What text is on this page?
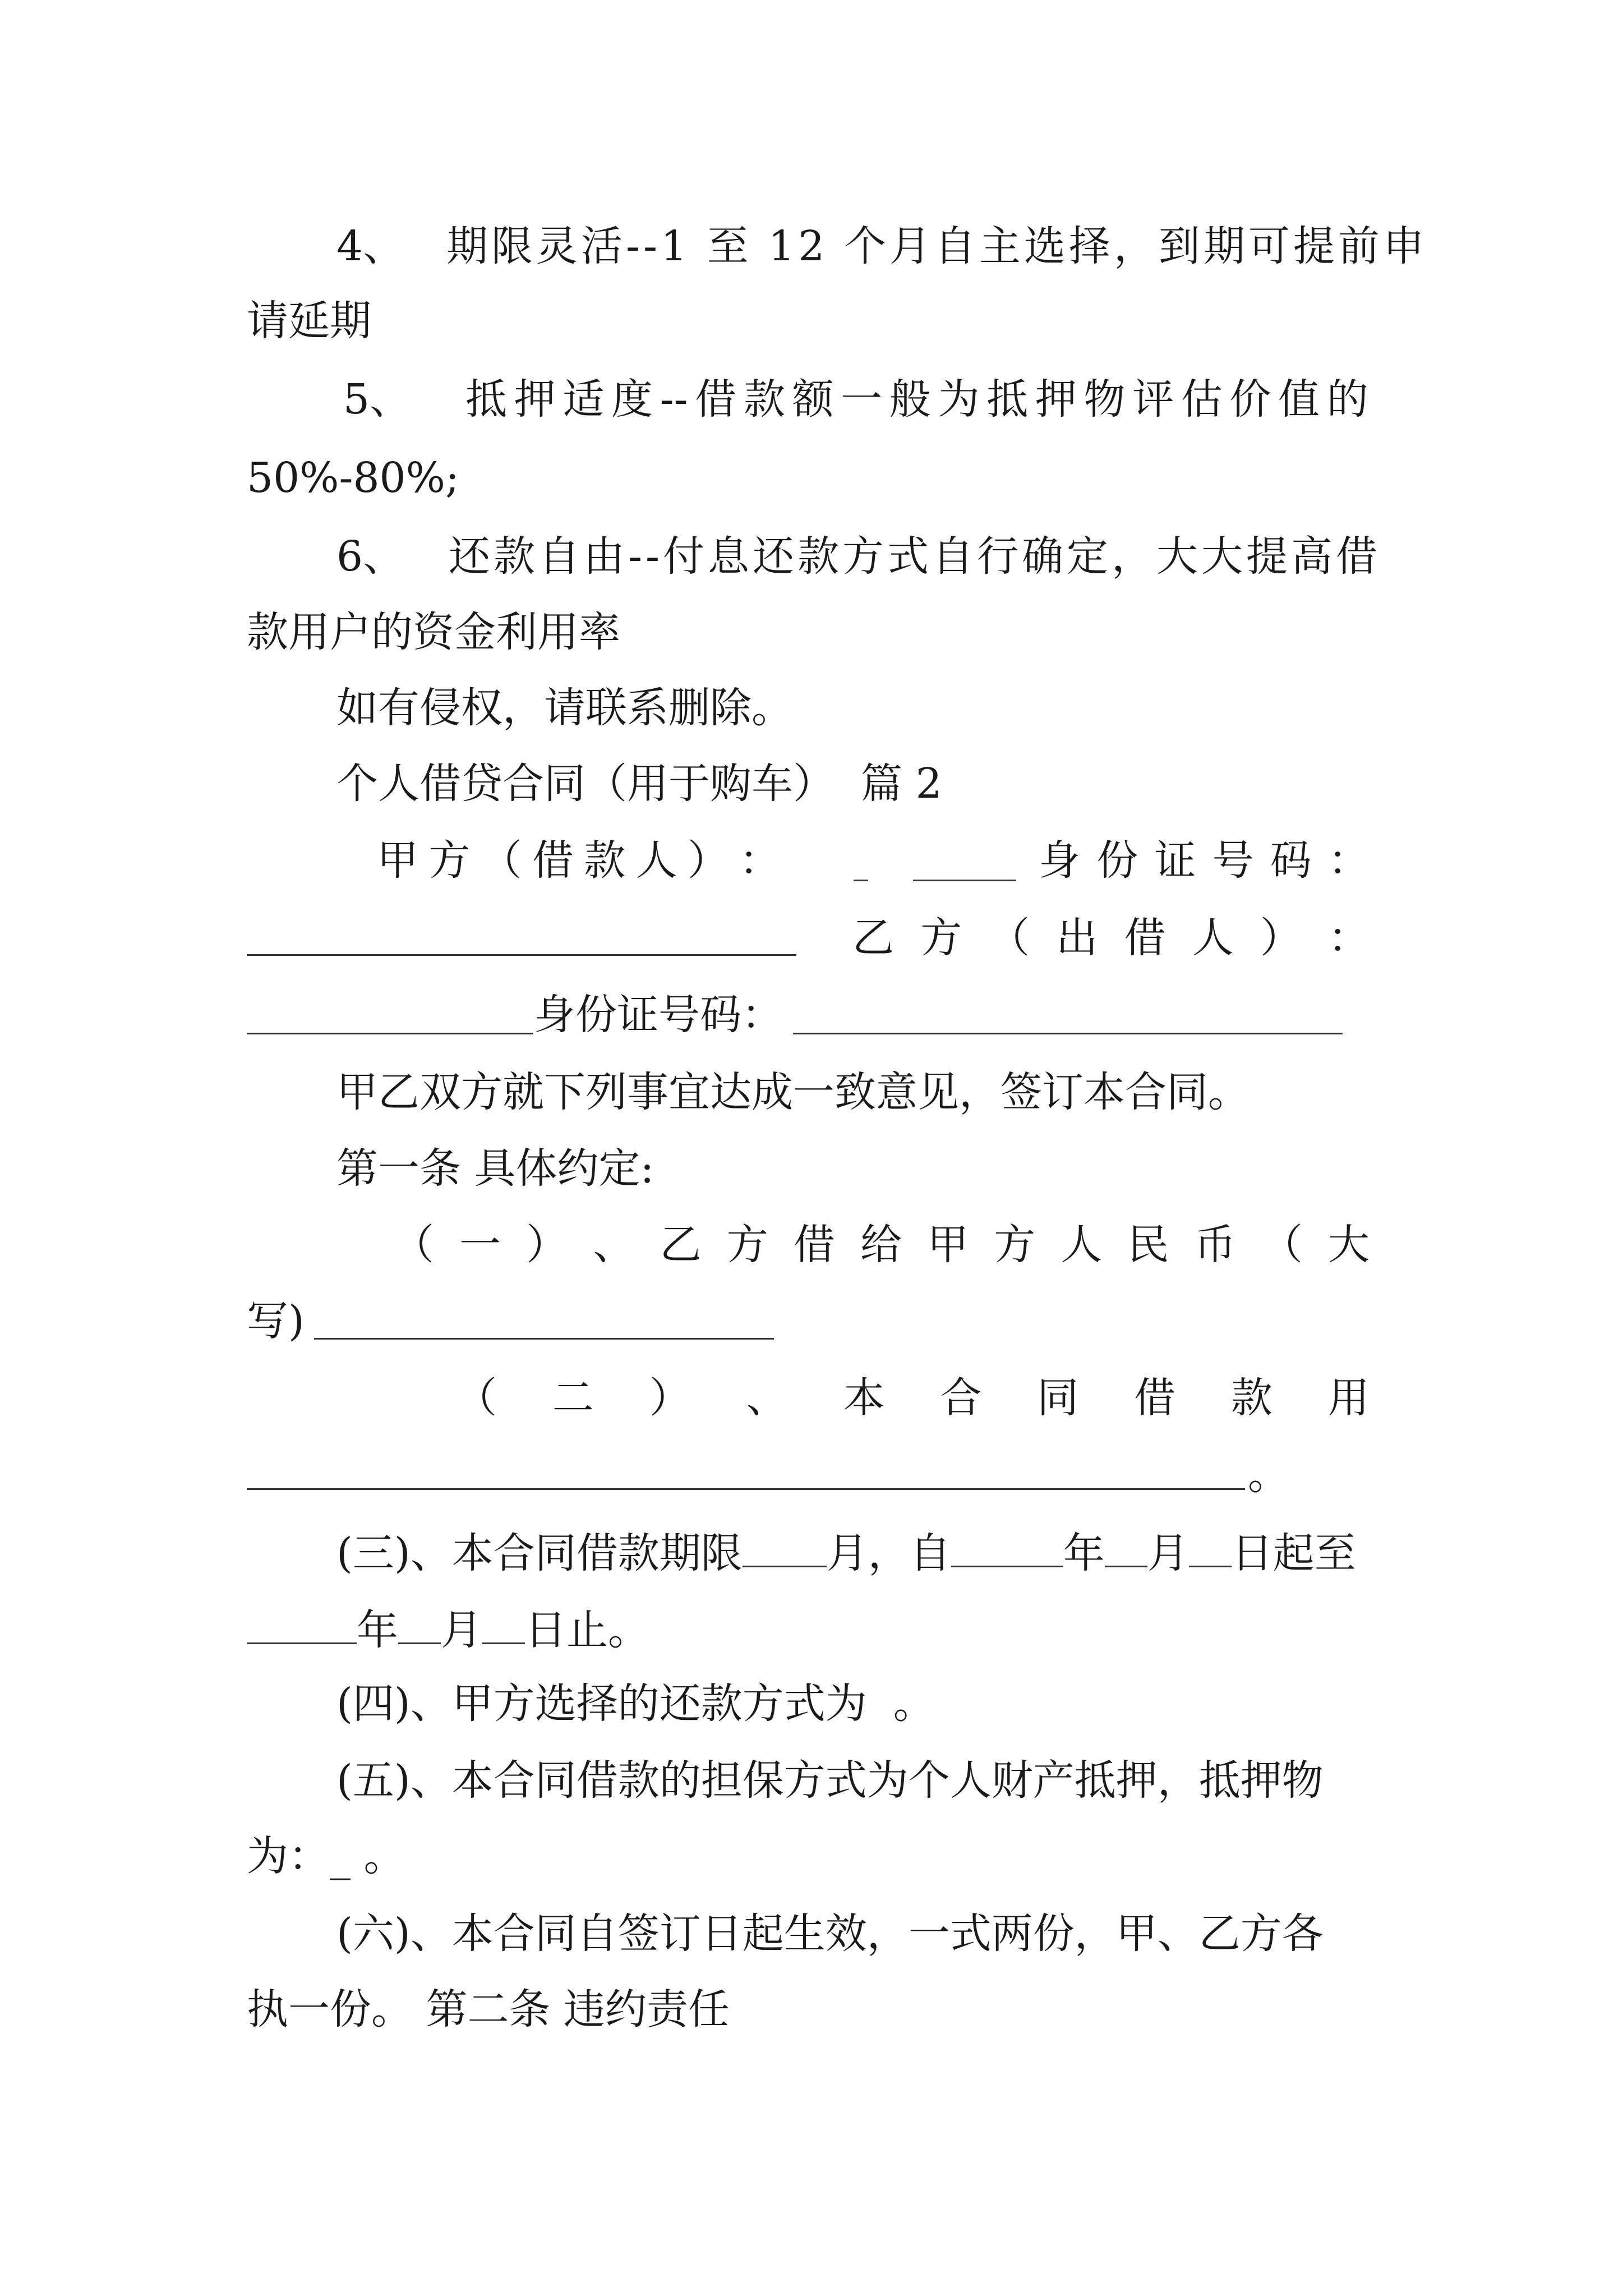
4、 期限灵活--1 至 12 个月自主选择，到期可提前申
请延期
5、 抵 押 适 度 -- 借 款 额 一 般 为 抵 押 物 评 估 价 值 的
50%-80%;
6、 还款自由--付息还款方式自行确定，大大提高借
款用户的资金利用率
如有侵权，请联系删除。
个人借贷合同（用于购车）  篇 2
甲 方 （ 借 款 人 ） ：	身 份 证 号 码 ：
乙 方 （ 出 借 人 ） ：
身份证号码：
甲乙双方就下列事宜达成一致意见，签订本合同。
第一条 具体约定:
（ 一 ） 、 乙 方 借 给 甲 方 人 民 币 （ 大
写)
（ 二 ） 、 本 合 同 借 款 用
。
(三)、本合同借款期限 月，自	年 月 日起至
年 月 日止。
(四)、甲方选择的还款方式为  。
(五)、本合同借款的担保方式为个人财产抵押，抵押物
为：_ 。
(六)、本合同自签订日起生效，一式两份，甲、乙方各
执一份。 第二条 违约责任
